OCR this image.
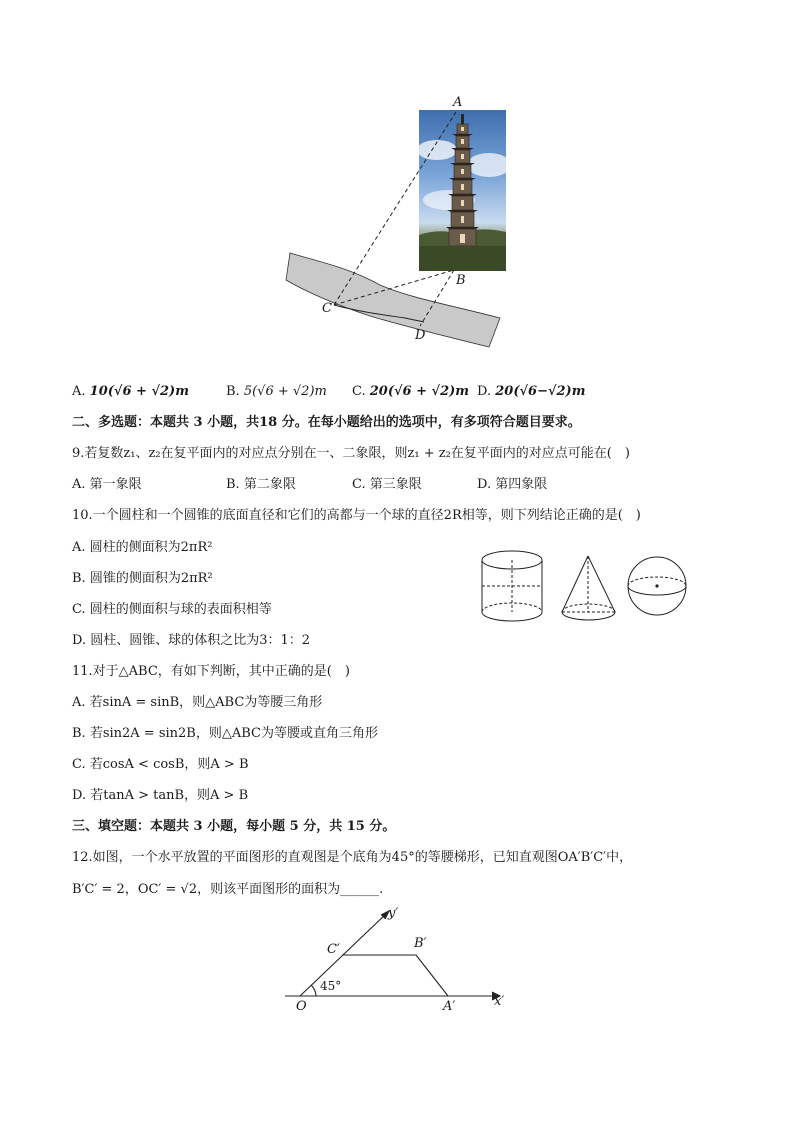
A
B
C
D
A. 10(√6 + √2)m	B. 5(√6 + √2)m C. 20(√6 + √2)m D. 20(√6−√2)m
二、多选题：本题共 3 小题，共18 分。在每小题给出的选项中，有多项符合题目要求。
9.若复数z₁、z₂在复平面内的对应点分别在一、二象限，则z₁ + z₂在复平面内的对应点可能在(　)
A. 第一象限	B. 第二象限	C. 第三象限	D. 第四象限
10.一个圆柱和一个圆锥的底面直径和它们的高都与一个球的直径2R相等，则下列结论正确的是(　)
A. 圆柱的侧面积为2πR²
B. 圆锥的侧面积为2πR²
C. 圆柱的侧面积与球的表面积相等
D. 圆柱、圆锥、球的体积之比为3：1：2
11.对于△ABC，有如下判断，其中正确的是(　)
A. 若sinA = sinB，则△ABC为等腰三角形
B. 若sin2A = sin2B，则△ABC为等腰或直角三角形
C. 若cosA < cosB，则A > B
D. 若tanA > tanB，则A > B
三、填空题：本题共 3 小题，每小题 5 分，共 15 分。
12.如图，一个水平放置的平面图形的直观图是个底角为45°的等腰梯形，已知直观图OA′B′C′中，
B′C′ = 2，OC′ = √2，则该平面图形的面积为______.
y′
x′
C′	B′
O	A′
45°
